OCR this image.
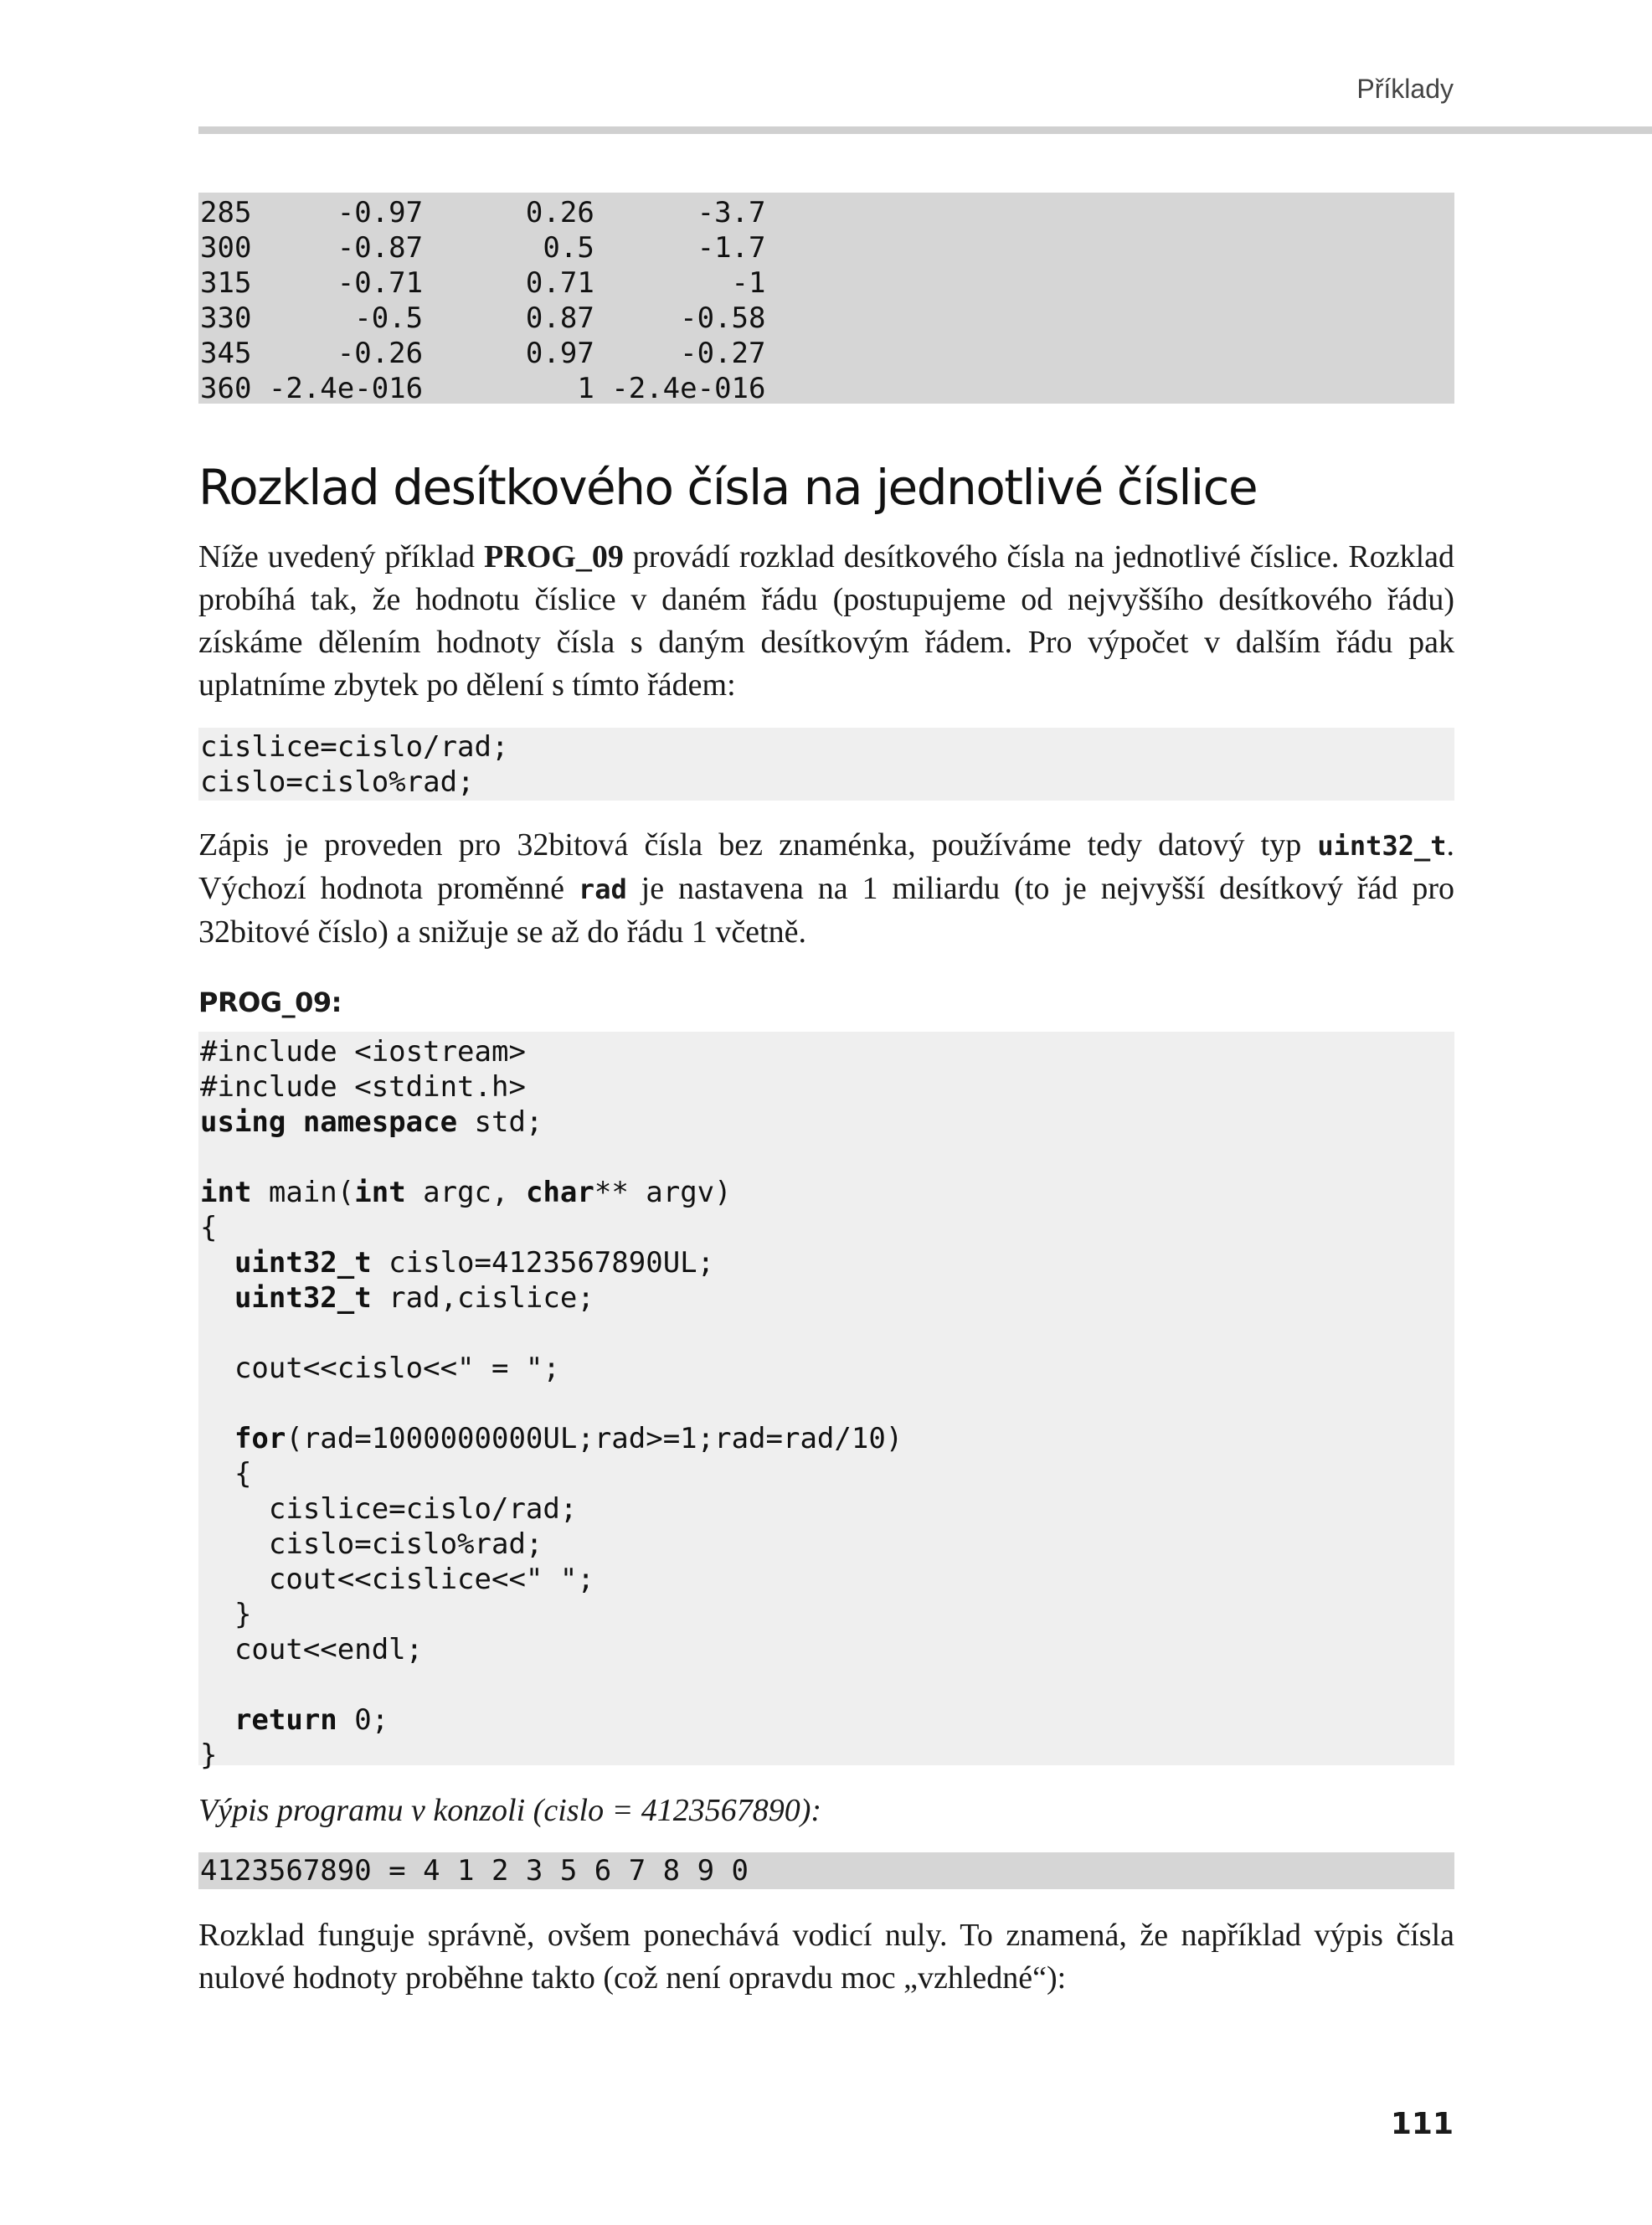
Příklady
285     -0.97      0.26      -3.7
300     -0.87       0.5      -1.7
315     -0.71      0.71        -1
330      -0.5      0.87     -0.58
345     -0.26      0.97     -0.27
360 -2.4e-016         1 -2.4e-016
Rozklad desítkového čísla na jednotlivé číslice

Níže uvedený příklad PROG_09 provádí rozklad desítkového čísla na jednotlivé číslice. Rozklad probíhá tak, že hodnotu číslice v daném řádu (postupujeme od nejvyššího desítkového řádu) získáme dělením hodnoty čísla s daným desítkovým řádem. Pro výpočet v dalším řádu pak uplatníme zbytek po dělení s tímto řádem:

cislice=cislo/rad;
cislo=cislo%rad;

Zápis je proveden pro 32bitová čísla bez znaménka, používáme tedy datový typ uint32_t. Výchozí hodnota proměnné rad je nastavena na 1 miliardu (to je nejvyšší desítkový řád pro 32bitové číslo) a snižuje se až do řádu 1 včetně.

PROG_09:
#include <iostream>
#include <stdint.h>
using namespace std;

int main(int argc, char** argv)
{
uint32_t cislo=4123567890UL;
uint32_t rad,cislice;

cout<<cislo<<" = ";

for(rad=1000000000UL;rad>=1;rad=rad/10)
{
cislice=cislo/rad;
cislo=cislo%rad;
cout<<cislice<<" ";
}
cout<<endl;

return 0;
}

Výpis programu v konzoli (cislo = 4123567890):

4123567890 = 4 1 2 3 5 6 7 8 9 0

Rozklad funguje správně, ovšem ponechává vodicí nuly. To znamená, že například výpis čísla nulové hodnoty proběhne takto (což není opravdu moc „vzhledné“):

111
